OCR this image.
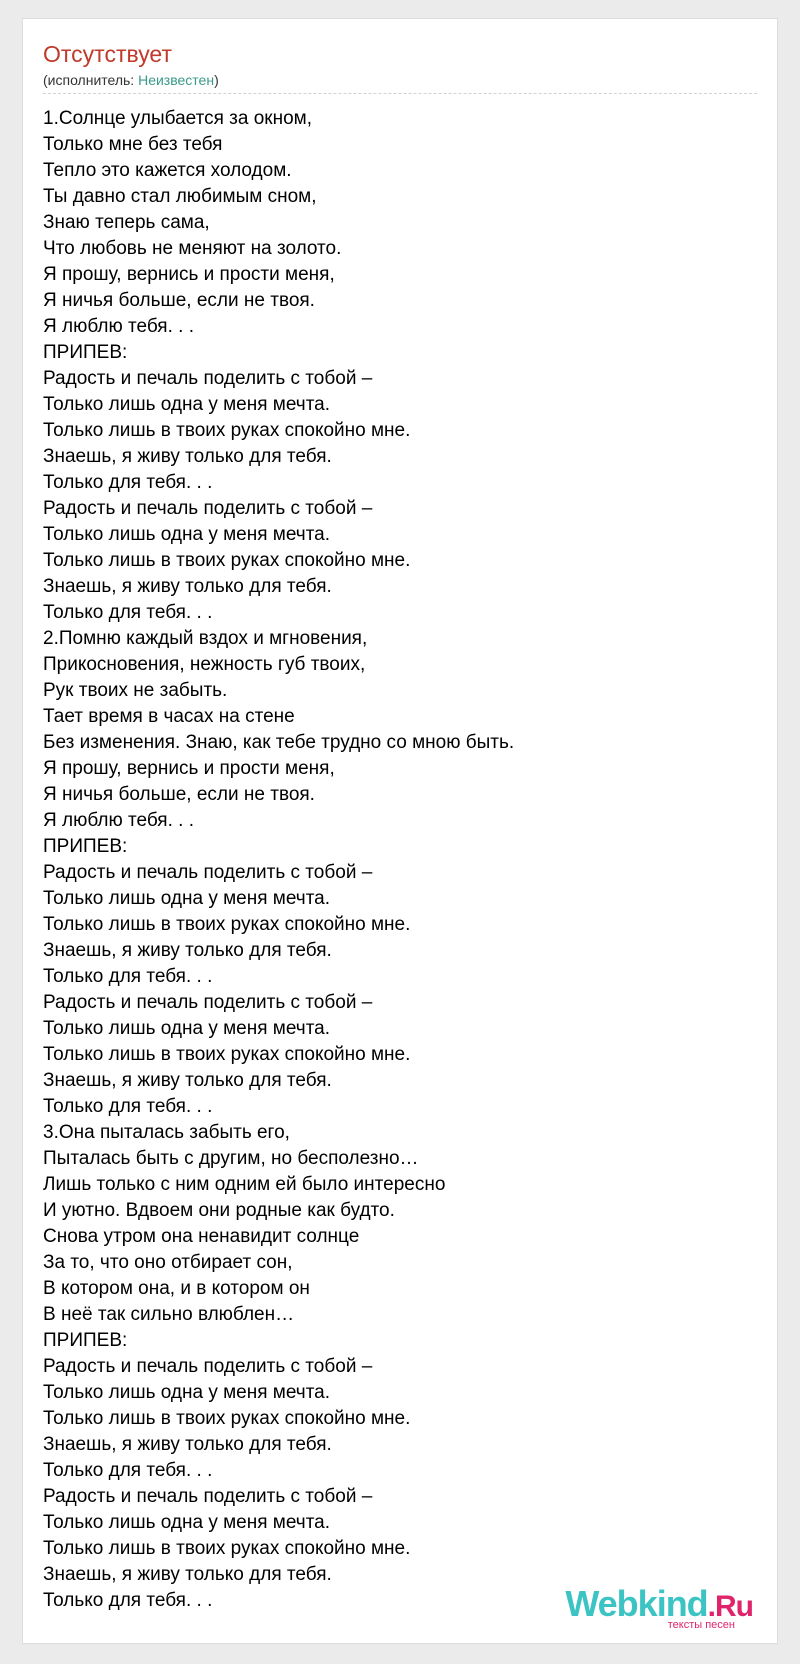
Отсутствует
(исполнитель: Неизвестен)
1.Солнце улыбается за окном,
Только мне без тебя
Тепло это кажется холодом.
Ты давно стал любимым сном,
Знаю теперь сама,
Что любовь не меняют на золото.
Я прошу, вернись и прости меня,
Я ничья больше, если не твоя.
Я люблю тебя. . .
ПРИПЕВ:
Радость и печаль поделить с тобой –
Только лишь одна у меня мечта.
Только лишь в твоих руках спокойно мне.
Знаешь, я живу только для тебя.
Только для тебя. . .
Радость и печаль поделить с тобой –
Только лишь одна у меня мечта.
Только лишь в твоих руках спокойно мне.
Знаешь, я живу только для тебя.
Только для тебя. . .
2.Помню каждый вздох и мгновения,
Прикосновения, нежность губ твоих,
Рук твоих не забыть.
Тает время в часах на стене
Без изменения. Знаю, как тебе трудно со мною быть.
Я прошу, вернись и прости меня,
Я ничья больше, если не твоя.
Я люблю тебя. . .
ПРИПЕВ:
Радость и печаль поделить с тобой –
Только лишь одна у меня мечта.
Только лишь в твоих руках спокойно мне.
Знаешь, я живу только для тебя.
Только для тебя. . .
Радость и печаль поделить с тобой –
Только лишь одна у меня мечта.
Только лишь в твоих руках спокойно мне.
Знаешь, я живу только для тебя.
Только для тебя. . .
3.Она пыталась забыть его,
Пыталась быть с другим, но бесполезно…
Лишь только с ним одним ей было интересно
И уютно. Вдвоем они родные как будто.
Снова утром она ненавидит солнце
За то, что оно отбирает сон,
В котором она, и в котором он
В неё так сильно влюблен…
ПРИПЕВ:
Радость и печаль поделить с тобой –
Только лишь одна у меня мечта.
Только лишь в твоих руках спокойно мне.
Знаешь, я живу только для тебя.
Только для тебя. . .
Радость и печаль поделить с тобой –
Только лишь одна у меня мечта.
Только лишь в твоих руках спокойно мне.
Знаешь, я живу только для тебя.
Только для тебя. . .	Webkind.Ru
тексты песен
